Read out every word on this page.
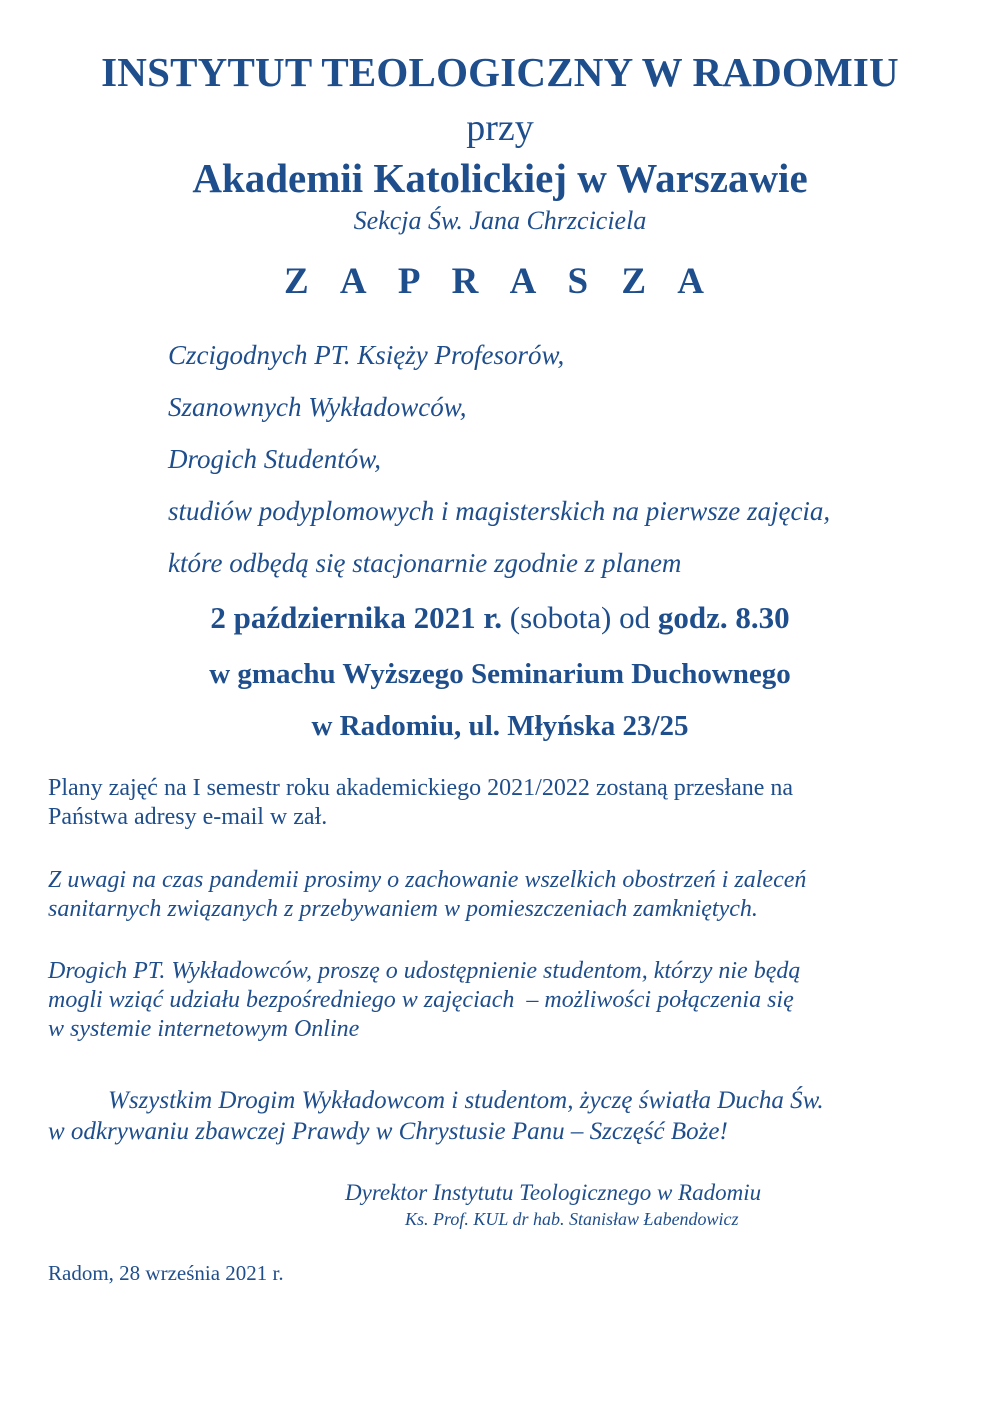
INSTYTUT TEOLOGICZNY W RADOMIU
przy
Akademii Katolickiej w Warszawie
Sekcja Św. Jana Chrzciciela
Z A P R A S Z A
Czcigodnych PT. Księży Profesorów,
Szanownych Wykładowców,
Drogich Studentów,
studiów podyplomowych i magisterskich na pierwsze zajęcia,
które odbędą się stacjonarnie zgodnie z planem
2 października 2021 r. (sobota) od godz. 8.30
w gmachu Wyższego Seminarium Duchownego
w Radomiu, ul. Młyńska 23/25
Plany zajęć na I semestr roku akademickiego 2021/2022 zostaną przesłane na
Państwa adresy e-mail w zał.
Z uwagi na czas pandemii prosimy o zachowanie wszelkich obostrzeń i zaleceń
sanitarnych związanych z przebywaniem w pomieszczeniach zamkniętych.
Drogich PT. Wykładowców, proszę o udostępnienie studentom, którzy nie będą
mogli wziąć udziału bezpośredniego w zajęciach  – możliwości połączenia się
w systemie internetowym Online
Wszystkim Drogim Wykładowcom i studentom, życzę światła Ducha Św.
w odkrywaniu zbawczej Prawdy w Chrystusie Panu – Szczęść Boże!
Dyrektor Instytutu Teologicznego w Radomiu
Ks. Prof. KUL dr hab. Stanisław Łabendowicz
Radom, 28 września 2021 r.
